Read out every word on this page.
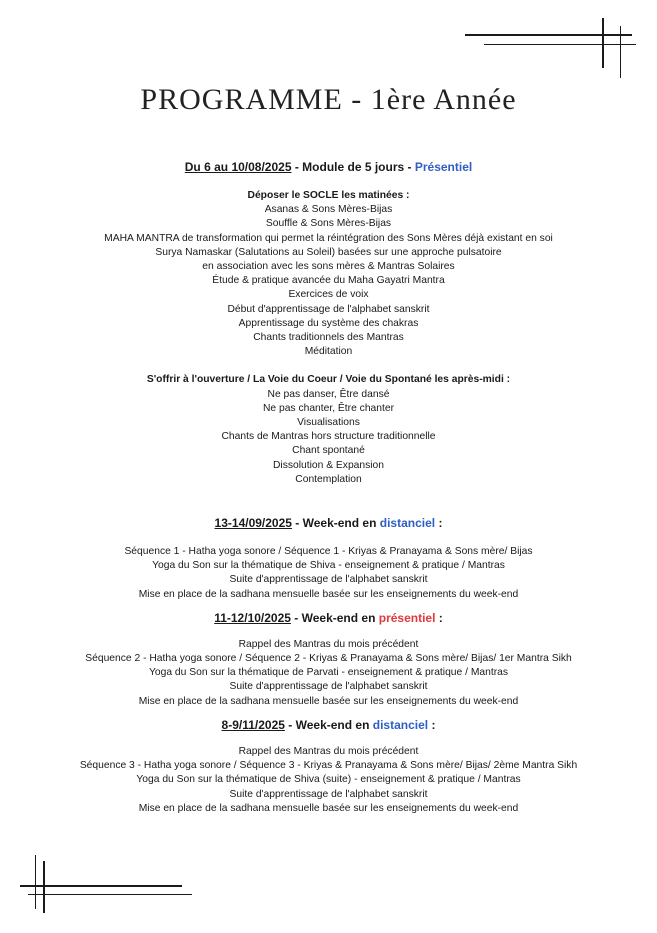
PROGRAMME - 1ère Année
Du 6 au 10/08/2025 - Module de 5 jours - Présentiel
Déposer le SOCLE les matinées :
Asanas & Sons Mères-Bijas
Souffle & Sons Mères-Bijas
MAHA MANTRA de transformation qui permet la réintégration des Sons Mères déjà existant en soi
Surya Namaskar (Salutations au Soleil) basées sur une approche pulsatoire
en association avec les sons mères & Mantras Solaires
Étude & pratique avancée du Maha Gayatri Mantra
Exercices de voix
Début d'apprentissage de l'alphabet sanskrit
Apprentissage du système des chakras
Chants traditionnels des Mantras
Méditation
S'offrir à l'ouverture / La Voie du Coeur / Voie du Spontané les après-midi :
Ne pas danser, Être dansé
Ne pas chanter, Être chanter
Visualisations
Chants de Mantras hors structure traditionnelle
Chant spontané
Dissolution & Expansion
Contemplation
13-14/09/2025 - Week-end en distanciel :
Séquence 1 - Hatha yoga sonore / Séquence 1 - Kriyas & Pranayama & Sons mère/ Bijas
Yoga du Son sur la thématique de Shiva - enseignement & pratique / Mantras
Suite d'apprentissage de l'alphabet sanskrit
Mise en place de la sadhana mensuelle basée sur les enseignements du week-end
11-12/10/2025 - Week-end en présentiel :
Rappel des Mantras du mois précédent
Séquence 2 - Hatha yoga sonore / Séquence 2 - Kriyas & Pranayama & Sons mère/ Bijas/ 1er Mantra Sikh
Yoga du Son sur la thématique de Parvati - enseignement & pratique / Mantras
Suite d'apprentissage de l'alphabet sanskrit
Mise en place de la sadhana mensuelle basée sur les enseignements du week-end
8-9/11/2025 - Week-end en distanciel :
Rappel des Mantras du mois précédent
Séquence 3 - Hatha yoga sonore / Séquence 3 - Kriyas & Pranayama & Sons mère/ Bijas/ 2ème Mantra Sikh
Yoga du Son sur la thématique de Shiva (suite) - enseignement & pratique / Mantras
Suite d'apprentissage de l'alphabet sanskrit
Mise en place de la sadhana mensuelle basée sur les enseignements du week-end
